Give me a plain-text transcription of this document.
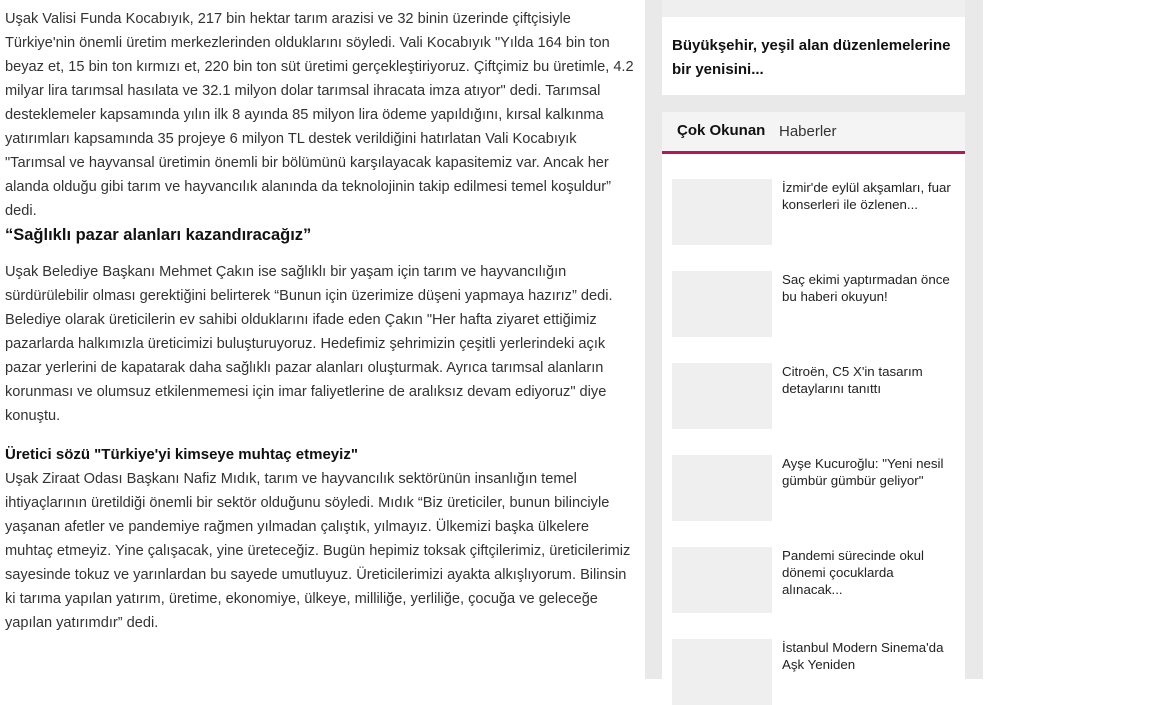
Uşak Valisi Funda Kocabıyık, 217 bin hektar tarım arazisi ve 32 binin üzerinde çiftçisiyle Türkiye'nin önemli üretim merkezlerinden olduklarını söyledi. Vali Kocabıyık "Yılda 164 bin ton beyaz et, 15 bin ton kırmızı et, 220 bin ton süt üretimi gerçekleştiriyoruz. Çiftçimiz bu üretimle, 4.2 milyar lira tarımsal hasılata ve 32.1 milyon dolar tarımsal ihracata imza atıyor" dedi. Tarımsal desteklemeler kapsamında yılın ilk 8 ayında 85 milyon lira ödeme yapıldığını, kırsal kalkınma yatırımları kapsamında 35 projeye 6 milyon TL destek verildiğini hatırlatan Vali Kocabıyık "Tarımsal ve hayvansal üretimin önemli bir bölümünü karşılayacak kapasitemiz var. Ancak her alanda olduğu gibi tarım ve hayvancılık alanında da teknolojinin takip edilmesi temel koşuldur” dedi.

“Sağlıklı pazar alanları kazandıracağız”

Uşak Belediye Başkanı Mehmet Çakın ise sağlıklı bir yaşam için tarım ve hayvancılığın sürdürülebilir olması gerektiğini belirterek “Bunun için üzerimize düşeni yapmaya hazırız” dedi. Belediye olarak üreticilerin ev sahibi olduklarını ifade eden Çakın "Her hafta ziyaret ettiğimiz pazarlarda halkımızla üreticimizi buluşturuyoruz. Hedefimiz şehrimizin çeşitli yerlerindeki açık pazar yerlerini de kapatarak daha sağlıklı pazar alanları oluşturmak. Ayrıca tarımsal alanların korunması ve olumsuz etkilenmemesi için imar faliyetlerine de aralıksız devam ediyoruz" diye konuştu.

Üretici sözü "Türkiye'yi kimseye muhtaç etmeyiz"

Uşak Ziraat Odası Başkanı Nafiz Mıdık, tarım ve hayvancılık sektörünün insanlığın temel ihtiyaçlarının üretildiği önemli bir sektör olduğunu söyledi. Mıdık “Biz üreticiler, bunun bilinciyle yaşanan afetler ve pandemiye rağmen yılmadan çalıştık, yılmayız. Ülkemizi başka ülkelere muhtaç etmeyiz. Yine çalışacak, yine üreteceğiz. Bugün hepimiz toksak çiftçilerimiz, üreticilerimiz sayesinde tokuz ve yarınlardan bu sayede umutluyuz. Üreticilerimizi ayakta alkışlıyorum. Bilinsin ki tarıma yapılan yatırım, üretime, ekonomiye, ülkeye, milliliğe, yerliliğe, çocuğa ve geleceğe yapılan yatırımdır” dedi.

Büyükşehir, yeşil alan düzenlemelerine bir yenisini...
Çok Okunan Haberler
İzmir'de eylül akşamları, fuar konserleri ile özlenen...
Saç ekimi yaptırmadan önce bu haberi okuyun!
Citroën, C5 X'in tasarım detaylarını tanıttı
Ayşe Kucuroğlu: "Yeni nesil gümbür gümbür geliyor"
Pandemi sürecinde okul dönemi çocuklarda alınacak...
İstanbul Modern Sinema'da Aşk Yeniden
